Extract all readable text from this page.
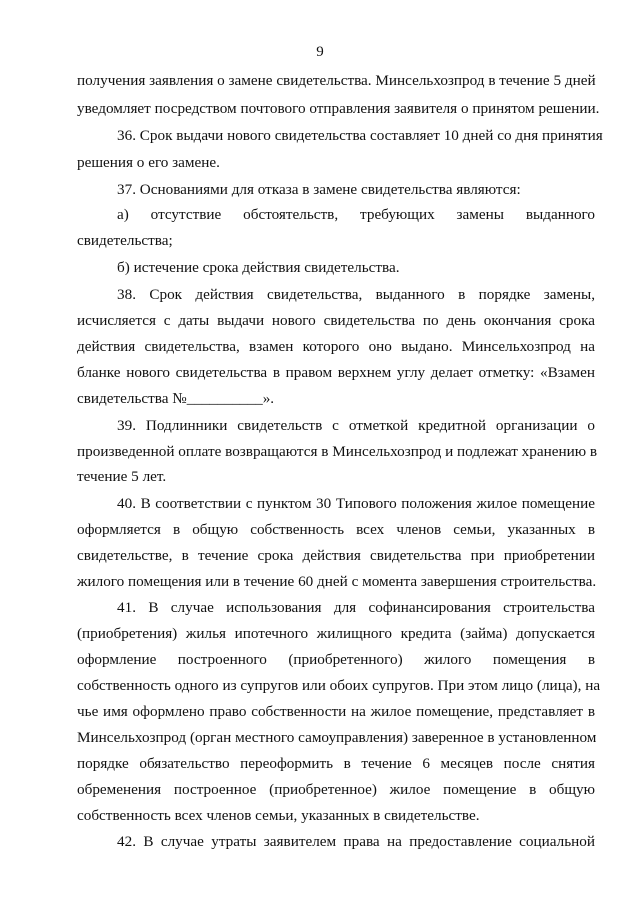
9
получения заявления о замене свидетельства. Минсельхозпрод в течение 5 дней
уведомляет посредством почтового отправления заявителя о принятом решении.
36. Срок выдачи нового свидетельства составляет 10 дней со дня принятия
решения о его замене.
37. Основаниями для отказа в замене свидетельства являются:
а) отсутствие обстоятельств, требующих замены выданного
свидетельства;
б) истечение срока действия свидетельства.
38. Срок действия свидетельства, выданного в порядке замены,
исчисляется с даты выдачи нового свидетельства по день окончания срока
действия свидетельства, взамен которого оно выдано. Минсельхозпрод на
бланке нового свидетельства в правом верхнем углу делает отметку: «Взамен
свидетельства №__________».
39. Подлинники свидетельств с отметкой кредитной организации о
произведенной оплате возвращаются в Минсельхозпрод и подлежат хранению в
течение 5 лет.
40. В соответствии с пунктом 30 Типового положения жилое помещение
оформляется в общую собственность всех членов семьи, указанных в
свидетельстве, в течение срока действия свидетельства при приобретении
жилого помещения или в течение 60 дней с момента завершения строительства.
41. В случае использования для софинансирования строительства
(приобретения) жилья ипотечного жилищного кредита (займа) допускается
оформление построенного (приобретенного) жилого помещения в
собственность одного из супругов или обоих супругов. При этом лицо (лица), на
чье имя оформлено право собственности на жилое помещение, представляет в
Минсельхозпрод (орган местного самоуправления) заверенное в установленном
порядке обязательство переоформить в течение 6 месяцев после снятия
обременения построенное (приобретенное) жилое помещение в общую
собственность всех членов семьи, указанных в свидетельстве.
42. В случае утраты заявителем права на предоставление социальной
